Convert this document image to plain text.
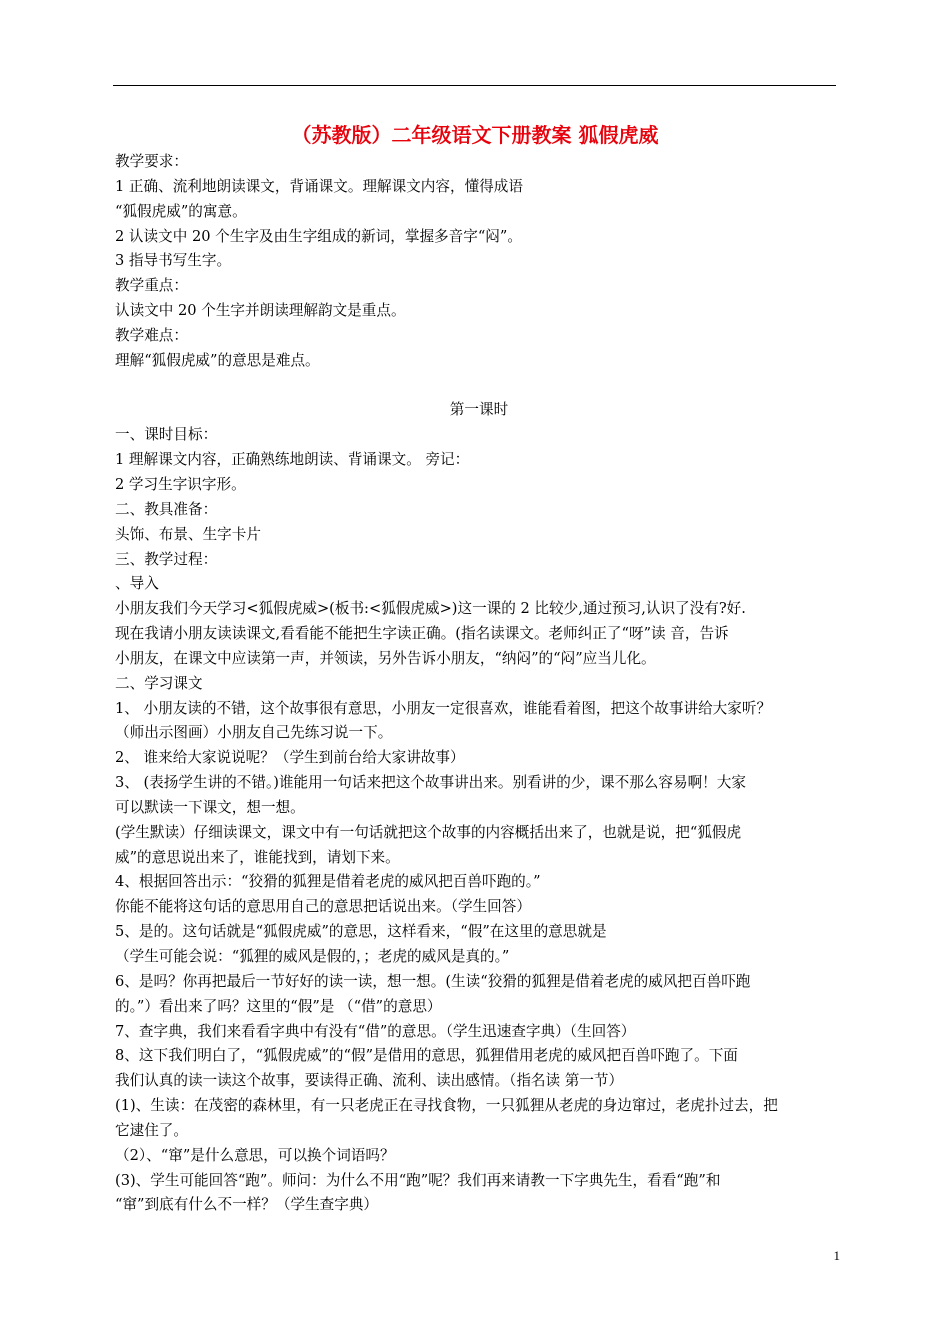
（苏教版）二年级语文下册教案 狐假虎威
教学要求：
1 正确、流利地朗读课文，背诵课文。理解课文内容，懂得成语
“狐假虎威”的寓意。
2 认读文中 20 个生字及由生字组成的新词，掌握多音字“闷”。
3 指导书写生字。
教学重点：
认读文中 20 个生字并朗读理解韵文是重点。
教学难点：
理解“狐假虎威”的意思是难点。
第一课时
一、课时目标：
1 理解课文内容，正确熟练地朗读、背诵课文。 旁记：
2 学习生字识字形。
二、教具准备：
头饰、布景、生字卡片
三、教学过程：
、导入
小朋友我们今天学习<狐假虎威>(板书:<狐假虎威>)这一课的 2 比较少,通过预习,认识了没有?好.
现在我请小朋友读读课文,看看能不能把生字读正确。(指名读课文。老师纠正了“呀”读 音，告诉
小朋友，在课文中应读第一声，并领读，另外告诉小朋友，“纳闷”的“闷”应当儿化。
二、学习课文
1、 小朋友读的不错，这个故事很有意思，小朋友一定很喜欢，谁能看着图，把这个故事讲给大家听？
（师出示图画）小朋友自己先练习说一下。
2、 谁来给大家说说呢？（学生到前台给大家讲故事）
3、 (表扬学生讲的不错。)谁能用一句话来把这个故事讲出来。别看讲的少，课不那么容易啊！大家
可以默读一下课文，想一想。
(学生默读）仔细读课文，课文中有一句话就把这个故事的内容概括出来了，也就是说，把“狐假虎
威”的意思说出来了，谁能找到，请划下来。
4、根据回答出示：“狡猾的狐狸是借着老虎的威风把百兽吓跑的。”
你能不能将这句话的意思用自己的意思把话说出来。（学生回答）
5、是的。这句话就是“狐假虎威”的意思，这样看来，“假”在这里的意思就是
（学生可能会说：“狐狸的威风是假的，；老虎的威风是真的。”
6、是吗？你再把最后一节好好的读一读，想一想。(生读“狡猾的狐狸是借着老虎的威风把百兽吓跑
的。”）看出来了吗？这里的“假”是 （“借”的意思）
7、查字典，我们来看看字典中有没有“借”的意思。（学生迅速查字典）（生回答）
8、这下我们明白了，“狐假虎威”的“假”是借用的意思，狐狸借用老虎的威风把百兽吓跑了。下面
我们认真的读一读这个故事，要读得正确、流利、读出感情。（指名读 第一节）
(1)、生读：在茂密的森林里，有一只老虎正在寻找食物，一只狐狸从老虎的身边窜过，老虎扑过去，把
它逮住了。
（2）、“窜”是什么意思，可以换个词语吗？
(3)、学生可能回答“跑”。师问：为什么不用“跑”呢？我们再来请教一下字典先生，看看“跑”和
“窜”到底有什么不一样？（学生查字典）
1
